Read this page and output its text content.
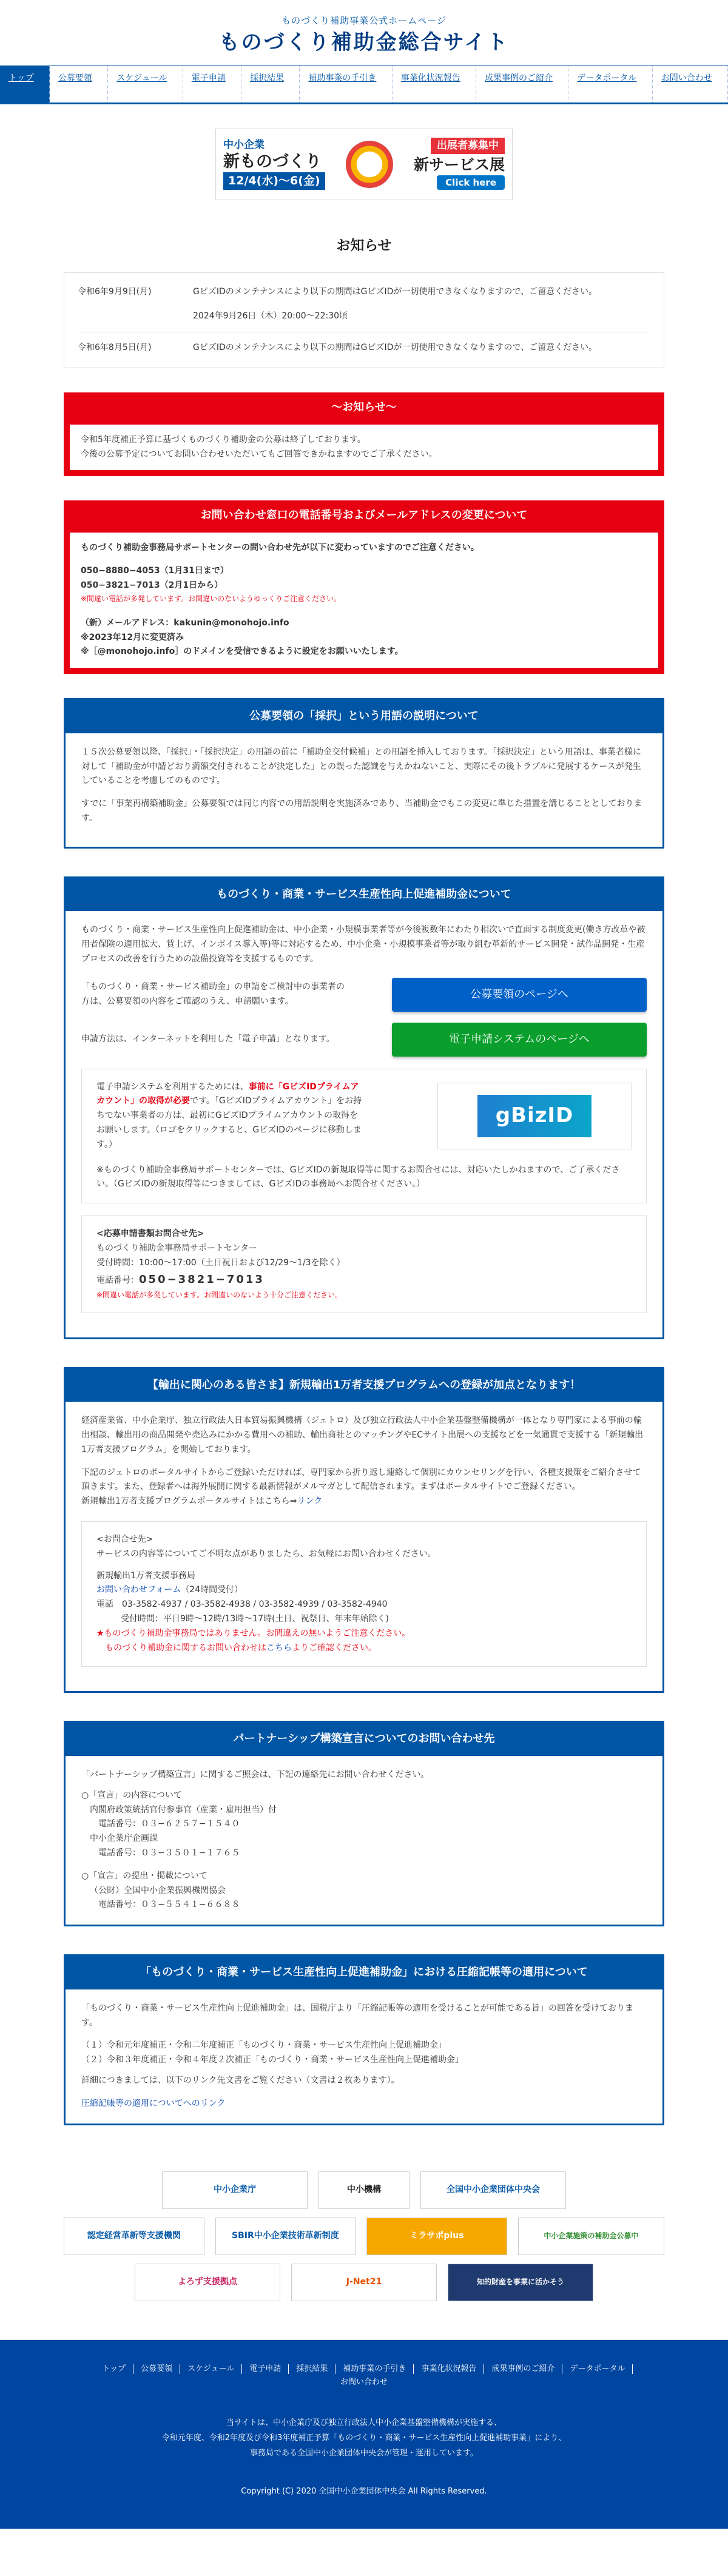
ものづくり補助事業公式ホームページ
ものづくり補助金総合サイト
トップ	公募要領	スケジュール	電子申請	採択結果	補助事業の手引き	事業化状況報告	成果事例のご紹介	データポータル	お問い合わせ
中小企業
新ものづくり
12/4(水)〜6(金)
出展者募集中
新サービス展
Click here
お知らせ
令和6年9月9日(月)	GビズIDのメンテナンスにより以下の期間はGビズIDが一切使用できなくなりますので、ご留意ください。
2024年9月26日（木）20:00〜22:30頃
令和6年8月5日(月)	GビズIDのメンテナンスにより以下の期間はGビズIDが一切使用できなくなりますので、ご留意ください。
〜お知らせ〜
令和5年度補正予算に基づくものづくり補助金の公募は終了しております。
今後の公募予定についてお問い合わせいただいてもご回答できかねますのでご了承ください。
お問い合わせ窓口の電話番号およびメールアドレスの変更について
ものづくり補助金事務局サポートセンターの問い合わせ先が以下に変わっていますのでご注意ください。
050−8880−4053（1月31日まで）
050−3821−7013（2月1日から）
※間違い電話が多発しています。お間違いのないようゆっくりご注意ください。
（新）メールアドレス：kakunin@monohojo.info
※2023年12月に変更済み
※［@monohojo.info］のドメインを受信できるように設定をお願いいたします。
公募要領の「採択」という用語の説明について

１５次公募要領以降、「採択」・「採択決定」の用語の前に「補助金交付候補」との用語を挿入しております。「採択決定」という用語は、事業者様に対して「補助金が申請どおり満額交付されることが決定した」との誤った認識を与えかねないこと、実際にその後トラブルに発展するケースが発生していることを考慮してのものです。

すでに「事業再構築補助金」公募要領では同じ内容での用語説明を実施済みであり、当補助金でもこの変更に準じた措置を講じることとしております。

ものづくり・商業・サービス生産性向上促進補助金について

ものづくり・商業・サービス生産性向上促進補助金は、中小企業・小規模事業者等が今後複数年にわたり相次いで直面する制度変更(働き方改革や被用者保険の適用拡大、賃上げ、インボイス導入等)等に対応するため、中小企業・小規模事業者等が取り組む革新的サービス開発・試作品開発・生産プロセスの改善を行うための設備投資等を支援するものです。

「ものづくり・商業・サービス補助金」の申請をご検討中の事業者の方は、公募要領の内容をご確認のうえ、申請願います。
公募要領のページへ
申請方法は、インターネットを利用した「電子申請」となります。	電子申請システムのページへ
電子申請システムを利用するためには、事前に「GビズIDプライムアカウント」の取得が必要です。「GビズIDプライムアカウント」をお持ちでない事業者の方は、最初にGビズIDプライムアカウントの取得をお願いします。（ロゴをクリックすると、GビズIDのページに移動します。）
gBizID

※ものづくり補助金事務局サポートセンターでは、GビズIDの新規取得等に関するお問合せには、対応いたしかねますので、ご了承ください。（GビズIDの新規取得等につきましては、GビズIDの事務局へお問合せください。）

<応募申請書類お問合せ先>
ものづくり補助金事務局サポートセンター
受付時間：10:00〜17:00（土日祝日および12/29〜1/3を除く）
電話番号：050−3821−7013
※間違い電話が多発しています。お間違いのないよう十分ご注意ください。
【輸出に関心のある皆さま】新規輸出1万者支援プログラムへの登録が加点となります！

経済産業省、中小企業庁、独立行政法人日本貿易振興機構（ジェトロ）及び独立行政法人中小企業基盤整備機構が一体となり専門家による事前の輸出相談、輸出用の商品開発や売込みにかかる費用への補助、輸出商社とのマッチングやECサイト出展への支援などを一気通貫で支援する「新規輸出1万者支援プログラム」を開始しております。

下記のジェトロのポータルサイトからご登録いただければ、専門家から折り返し連絡して個別にカウンセリングを行い、各種支援策をご紹介させて頂きます。また、登録者へは海外展開に関する最新情報がメルマガとして配信されます。まずはポータルサイトでご登録ください。

新規輸出1万者支援プログラムポータルサイトはこちら⇒リンク

<お問合せ先>
サービスの内容等についてご不明な点がありましたら、お気軽にお問い合わせください。
新規輸出1万者支援事務局
お問い合わせフォーム（24時間受付）
電話　03-3582-4937 / 03-3582-4938 / 03-3582-4939 / 03-3582-4940
受付時間：平日9時〜12時/13時〜17時(土日、祝祭日、年末年始除く)
★ものづくり補助金事務局ではありません。お間違えの無いようご注意ください。
ものづくり補助金に関するお問い合わせはこちらよりご確認ください。
パートナーシップ構築宣言についてのお問い合わせ先
「パートナーシップ構築宣言」に関するご照会は、下記の連絡先にお問い合わせください。
○「宣言」の内容について
内閣府政策統括官付参事官（産業・雇用担当）付
電話番号：０３−６２５７−１５４０
中小企業庁企画課
電話番号：０３−３５０１−１７６５
○「宣言」の提出・掲載について
（公財）全国中小企業振興機関協会
電話番号：０３−５５４１−６６８８
「ものづくり・商業・サービス生産性向上促進補助金」における圧縮記帳等の適用について

「ものづくり・商業・サービス生産性向上促進補助金」は、国税庁より「圧縮記帳等の適用を受けることが可能である旨」の回答を受けております。

（１）令和元年度補正・令和二年度補正「ものづくり・商業・サービス生産性向上促進補助金」
（２）令和３年度補正・令和４年度２次補正「ものづくり・商業・サービス生産性向上促進補助金」

詳細につきましては、以下のリンク先文書をご覧ください（文書は２枚あります）。

圧縮記帳等の適用についてへのリンク
中小企業庁	中小機構	全国中小企業団体中央会
認定経営革新等支援機関	SBIR中小企業技術革新制度	ミラサポplus	中小企業施策の補助金公募中
よろず支援拠点	J-Net21	知的財産を事業に活かそう
トップ	公募要領	スケジュール	電子申請	採択結果	補助事業の手引き	事業化状況報告	成果事例のご紹介	データポータル
お問い合わせ
当サイトは、中小企業庁及び独立行政法人中小企業基盤整備機構が実施する、
令和元年度、令和2年度及び令和3年度補正予算「ものづくり・商業・サービス生産性向上促進補助事業」により、
事務局である全国中小企業団体中央会が管理・運用しています。
Copyright (C) 2020 全国中小企業団体中央会 All Rights Reserved.
